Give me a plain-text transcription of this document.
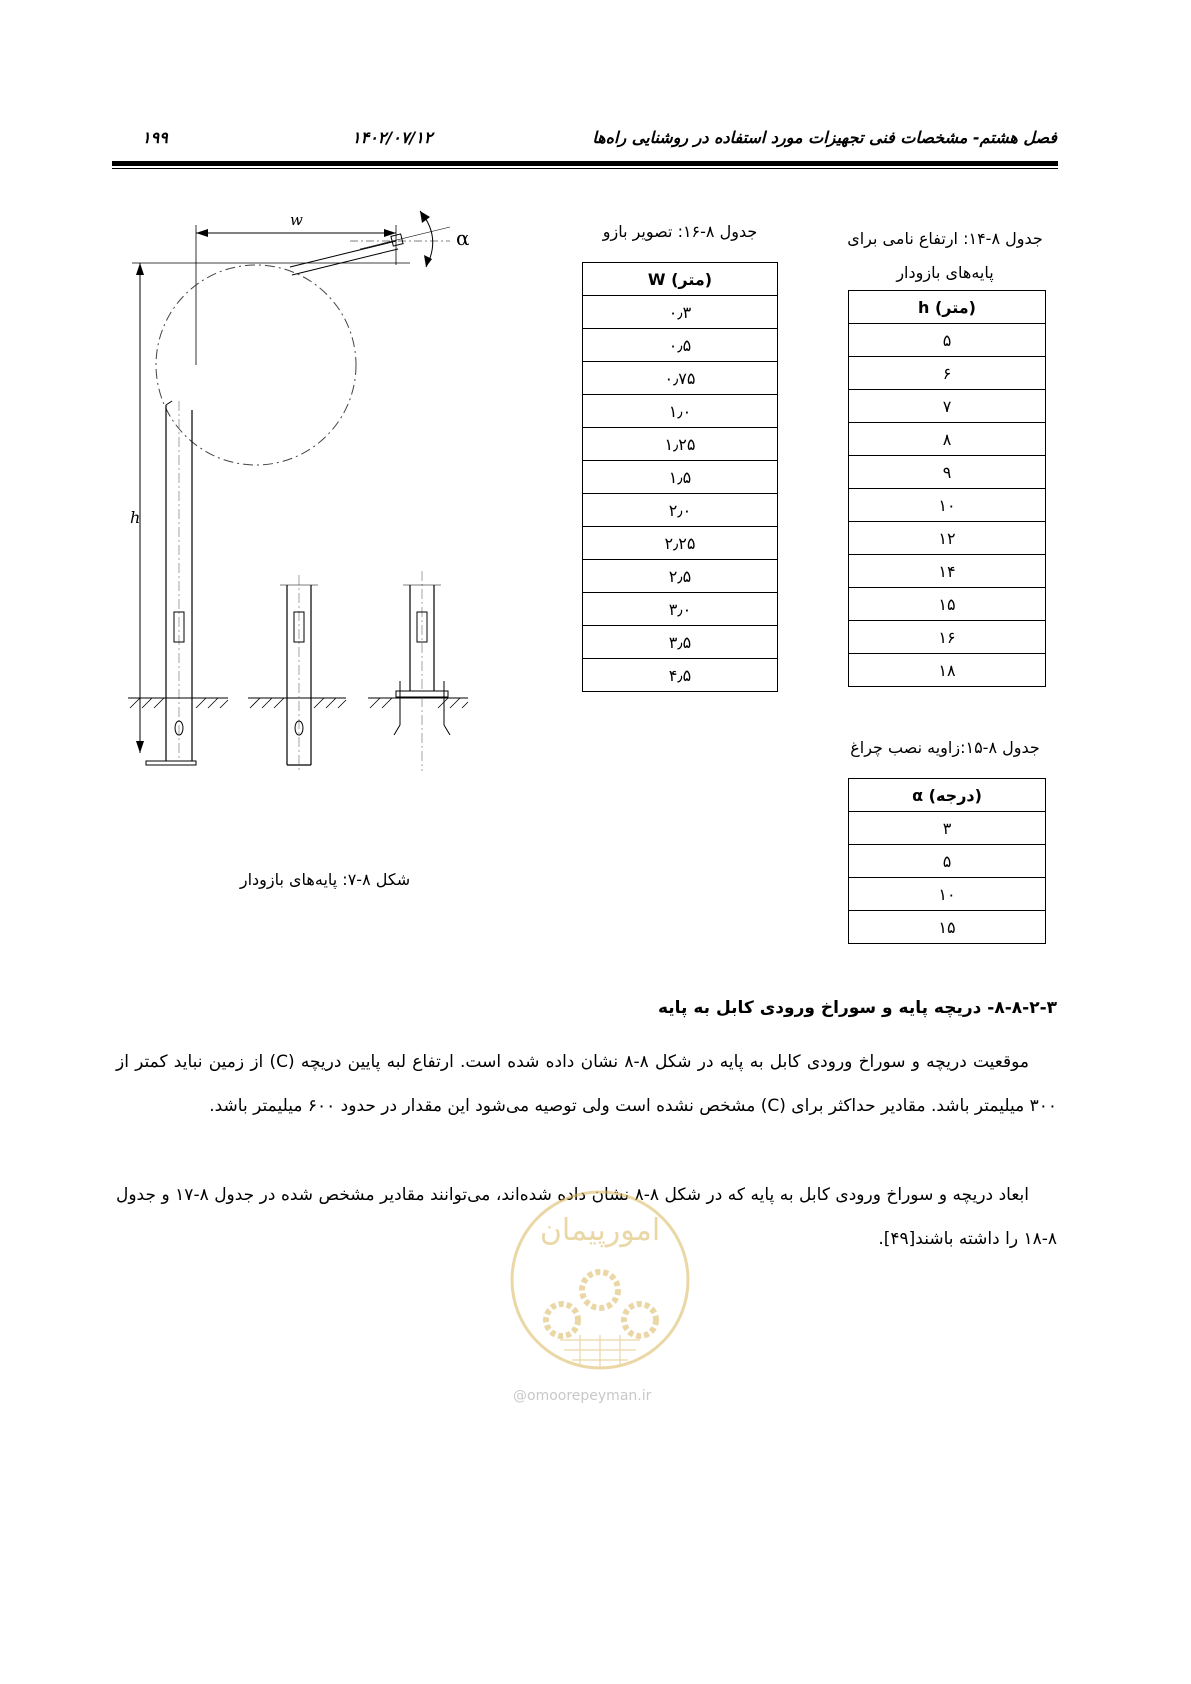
فصل هشتم- مشخصات فنی تجهیزات مورد استفاده در روشنایی راه‌ها
۱۴۰۲/۰۷/۱۲
۱۹۹
h
w
α
شکل ۸-۷: پایه‌های بازودار
جدول ۸-۱۶: تصویر بازو
W (متر)
۰٫۳
۰٫۵
۰٫۷۵
۱٫۰
۱٫۲۵
۱٫۵
۲٫۰
۲٫۲۵
۲٫۵
۳٫۰
۳٫۵
۴٫۵
جدول ۸-۱۴: ارتفاع نامی برای
پایه‌های بازودار
h (متر)
۵
۶
۷
۸
۹
۱۰
۱۲
۱۴
۱۵
۱۶
۱۸
جدول ۸-۱۵:زاویه نصب چراغ
α (درجه)
۳
۵
۱۰
۱۵
۸-۸-۲-۳- دریچه پایه و سوراخ ورودی کابل به پایه
موقعیت دریچه و سوراخ ورودی کابل به پایه در شکل ۸-۸ نشان داده شده است. ارتفاع لبه پایین دریچه (C) از زمین نباید کمتر از ۳۰۰ میلیمتر باشد. مقادیر حداکثر برای (C) مشخص نشده است ولی توصیه می‌شود این مقدار در حدود ۶۰۰ میلیمتر باشد.
ابعاد دریچه و سوراخ ورودی کابل به پایه که در شکل ۸-۸ نشان داده شده‌اند، می‌توانند مقادیر مشخص شده در جدول ۸-۱۷ و جدول ۸-۱۸ را داشته باشند[۴۹].
امورپیمان
@omoorepeyman.ir
